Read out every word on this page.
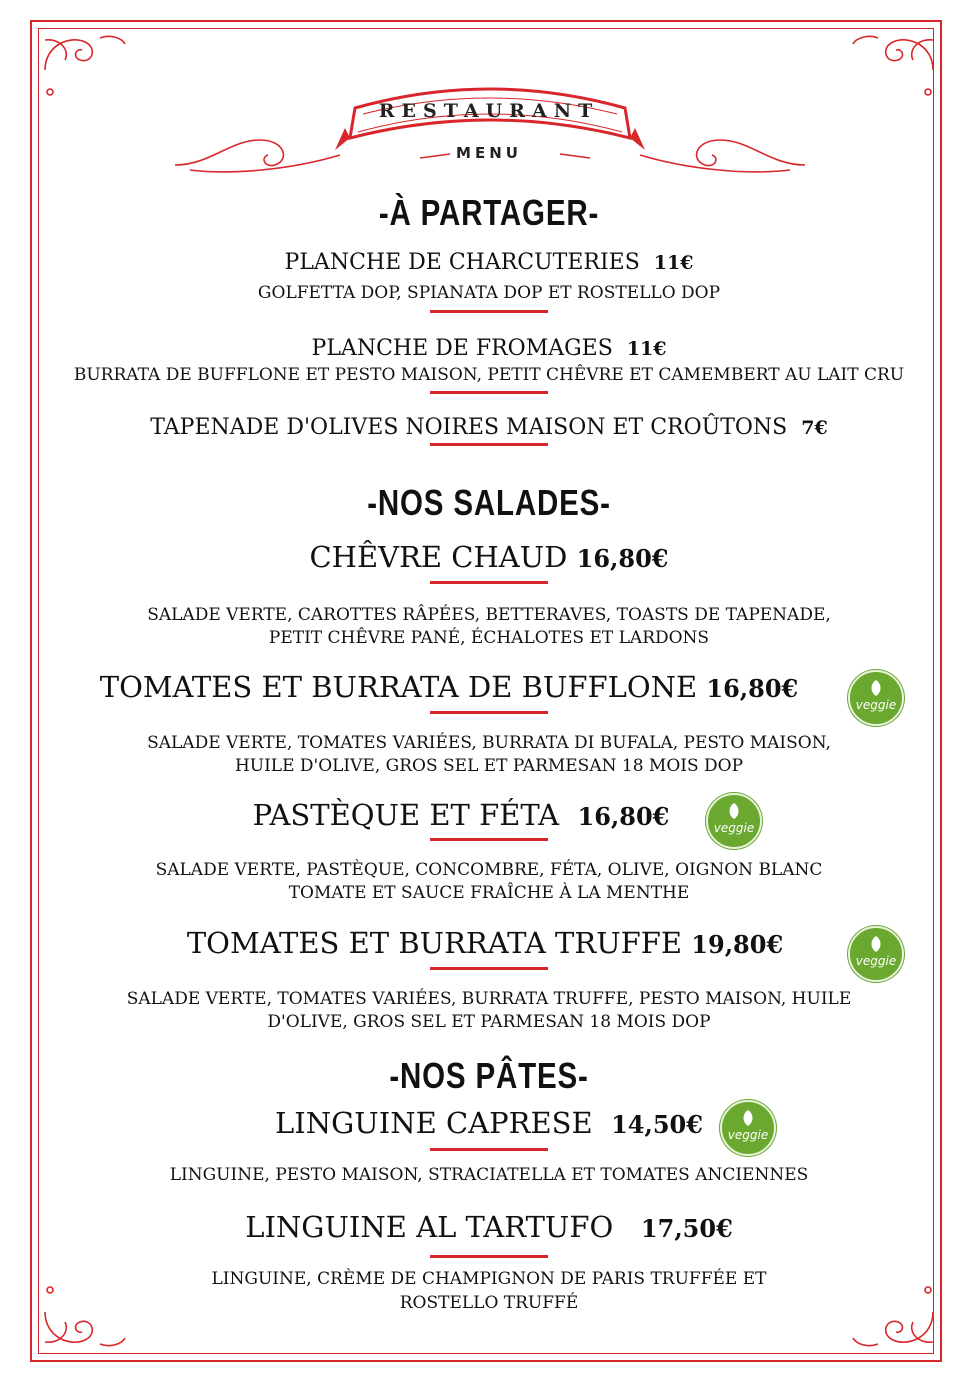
RESTAURANT
MENU
-À PARTAGER-
PLANCHE DE CHARCUTERIES 11€
GOLFETTA DOP, SPIANATA DOP ET ROSTELLO DOP
PLANCHE DE FROMAGES 11€
BURRATA DE BUFFLONE ET PESTO MAISON, PETIT CHÊVRE ET CAMEMBERT AU LAIT CRU
TAPENADE D'OLIVES NOIRES MAISON ET CROÛTONS 7€
-NOS SALADES-
CHÊVRE CHAUD 16,80€
SALADE VERTE, CAROTTES RÂPÉES, BETTERAVES, TOASTS DE TAPENADE,
PETIT CHÊVRE PANÉ, ÉCHALOTES ET LARDONS
TOMATES ET BURRATA DE BUFFLONE 16,80€
veggie
SALADE VERTE, TOMATES VARIÉES, BURRATA DI BUFALA, PESTO MAISON,
HUILE D'OLIVE, GROS SEL ET PARMESAN 18 MOIS DOP
PASTÈQUE ET FÉTA 16,80€	veggie
SALADE VERTE, PASTÈQUE, CONCOMBRE, FÉTA, OLIVE, OIGNON BLANC
TOMATE ET SAUCE FRAÎCHE À LA MENTHE
TOMATES ET BURRATA TRUFFE 19,80€
veggie
SALADE VERTE, TOMATES VARIÉES, BURRATA TRUFFE, PESTO MAISON, HUILE
D'OLIVE, GROS SEL ET PARMESAN 18 MOIS DOP
-NOS PÂTES-
LINGUINE CAPRESE 14,50€	veggie
LINGUINE, PESTO MAISON, STRACIATELLA ET TOMATES ANCIENNES
LINGUINE AL TARTUFO 17,50€
LINGUINE, CRÈME DE CHAMPIGNON DE PARIS TRUFFÉE ET
ROSTELLO TRUFFÉ
